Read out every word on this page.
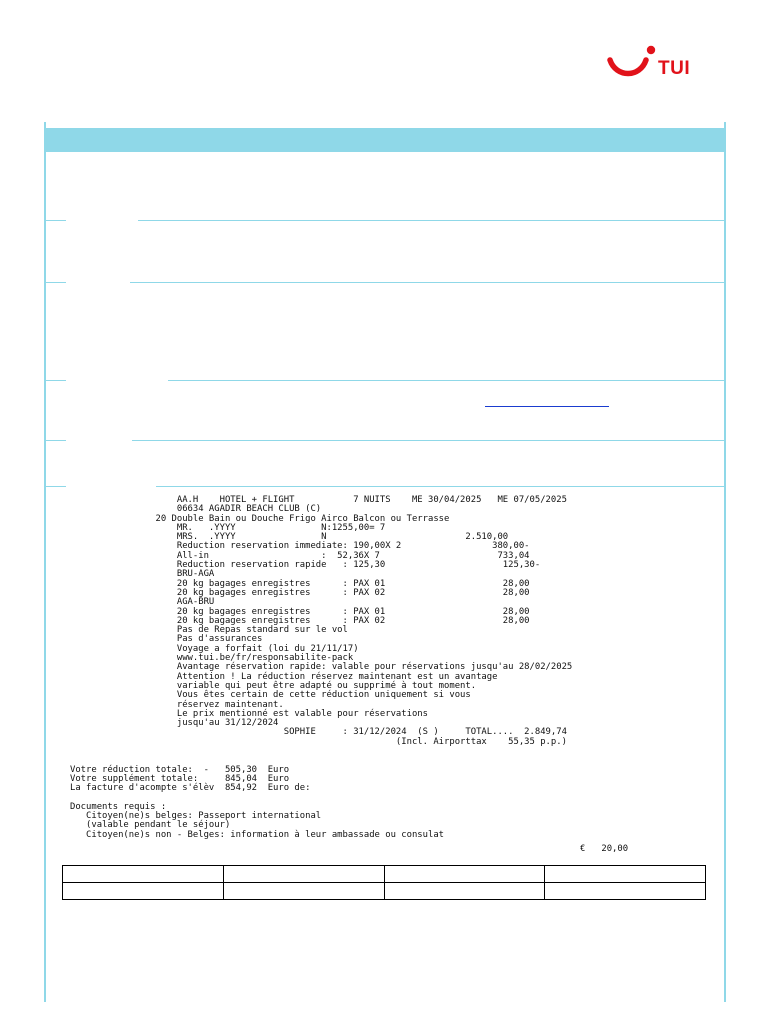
TUI
AA.H    HOTEL + FLIGHT           7 NUITS    ME 30/04/2025   ME 07/05/2025
06634 AGADIR BEACH CLUB (C)
20 Double Bain ou Douche Frigo Airco Balcon ou Terrasse
MR.   .YYYY                N:1255,00= 7
MRS.  .YYYY                N                          2.510,00
Reduction reservation immediate: 190,00X 2                 380,00-
All-in                     :  52,36X 7                      733,04
Reduction reservation rapide   : 125,30                      125,30-
BRU-AGA
20 kg bagages enregistres      : PAX 01                      28,00
20 kg bagages enregistres      : PAX 02                      28,00
AGA-BRU
20 kg bagages enregistres      : PAX 01                      28,00
20 kg bagages enregistres      : PAX 02                      28,00
Pas de Repas standard sur le vol
Pas d'assurances
Voyage a forfait (loi du 21/11/17)
www.tui.be/fr/responsabilite-pack
Avantage réservation rapide: valable pour réservations jusqu'au 28/02/2025
Attention ! La réduction réservez maintenant est un avantage
variable qui peut être adapté ou supprimé à tout moment.
Vous êtes certain de cette réduction uniquement si vous
réservez maintenant.
Le prix mentionné est valable pour réservations
jusqu'au 31/12/2024
SOPHIE     : 31/12/2024  (S )     TOTAL....  2.849,74
(Incl. Airporttax    55,35 p.p.)

Votre réduction totale:  -   505,30  Euro
Votre supplément totale:     845,04  Euro
La facture d'acompte s'élèv  854,92  Euro de:

Documents requis :
Citoyen(ne)s belges: Passeport international
(valable pendant le séjour)
Citoyen(ne)s non - Belges: information à leur ambassade ou consulat

€   20,00
